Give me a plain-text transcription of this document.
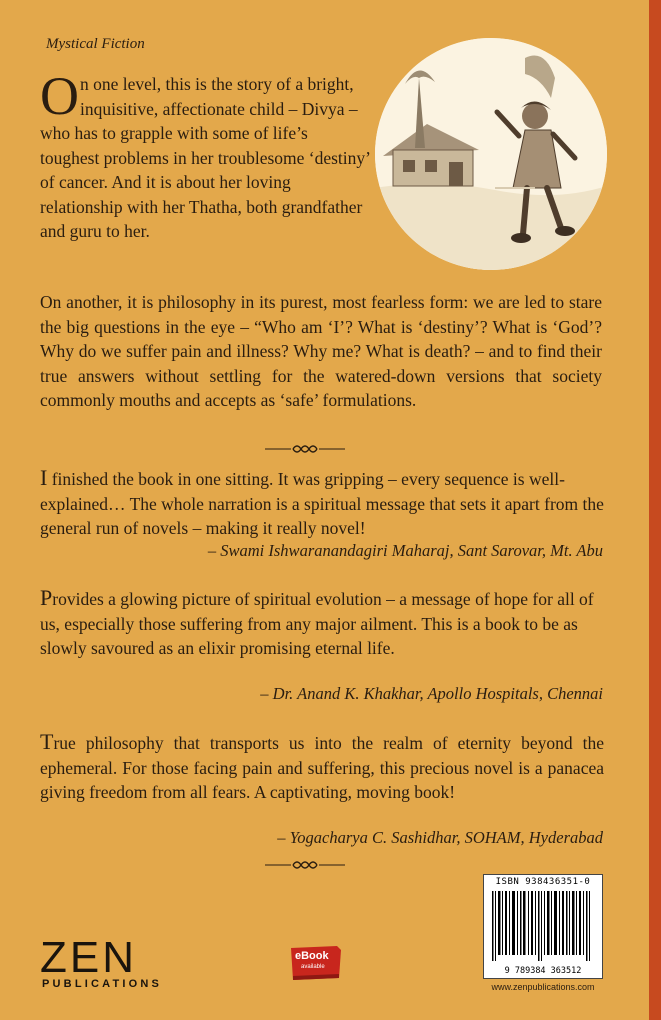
Mystical Fiction

On one level, this is the story of a bright, inquisitive, affectionate child – Divya – who has to grapple with some of life’s toughest problems in her troublesome ‘destiny’ of cancer. And it is about her loving relationship with her Thatha, both grandfather and guru to her.

On another, it is philosophy in its purest, most fearless form: we are led to stare the big questions in the eye – “Who am ‘I’? What is ‘destiny’? What is ‘God’? Why do we suffer pain and illness? Why me? What is death? – and to find their true answers without settling for the watered-down versions that society commonly mouths and accepts as ‘safe’ formulations.

I finished the book in one sitting. It was gripping – every sequence is well-explained… The whole narration is a spiritual message that sets it apart from the general run of novels – making it really novel!

– Swami Ishwaranandagiri Maharaj, Sant Sarovar, Mt. Abu

Provides a glowing picture of spiritual evolution – a message of hope for all of us, especially those suffering from any major ailment. This is a book to be as slowly savoured as an elixir promising eternal life.

– Dr. Anand K. Khakhar, Apollo Hospitals, Chennai

True philosophy that transports us into the realm of eternity beyond the ephemeral. For those facing pain and suffering, this precious novel is a panacea giving freedom from all fears. A captivating, moving book!

– Yogacharya C. Sashidhar, SOHAM, Hyderabad
ISBN 938436351-0
9 789384 363512
www.zenpublications.com
ZEN
PUBLICATIONS
eBook
available
